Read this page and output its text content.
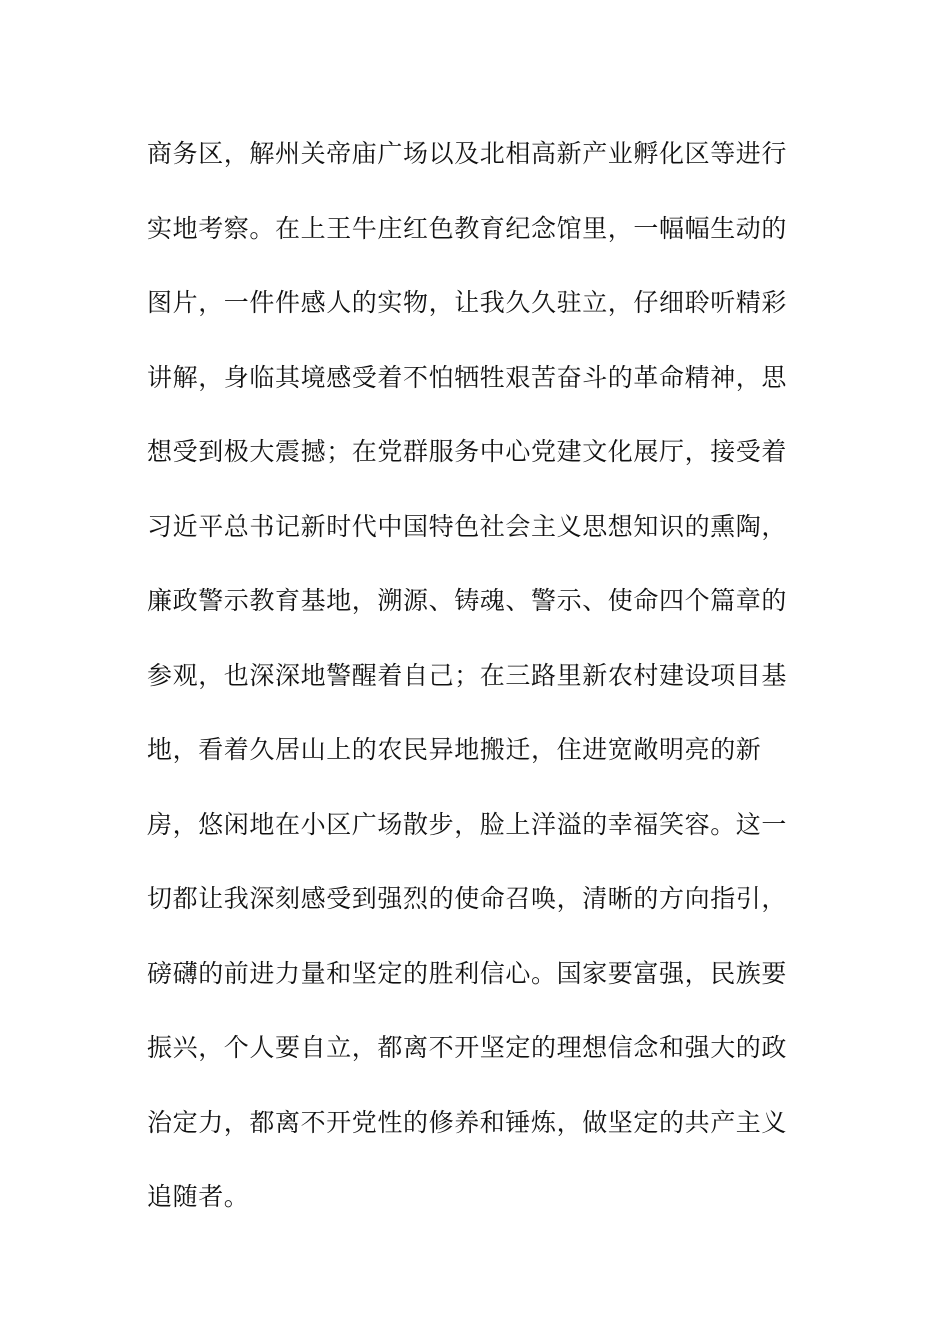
商务区，解州关帝庙广场以及北相高新产业孵化区等进行
实地考察。在上王牛庄红色教育纪念馆里，一幅幅生动的
图片，一件件感人的实物，让我久久驻立，仔细聆听精彩
讲解，身临其境感受着不怕牺牲艰苦奋斗的革命精神，思
想受到极大震撼；在党群服务中心党建文化展厅，接受着
习近平总书记新时代中国特色社会主义思想知识的熏陶，
廉政警示教育基地，溯源、铸魂、警示、使命四个篇章的
参观，也深深地警醒着自己；在三路里新农村建设项目基
地，看着久居山上的农民异地搬迁，住进宽敞明亮的新
房，悠闲地在小区广场散步，脸上洋溢的幸福笑容。这一
切都让我深刻感受到强烈的使命召唤，清晰的方向指引，
磅礴的前进力量和坚定的胜利信心。国家要富强，民族要
振兴，个人要自立，都离不开坚定的理想信念和强大的政
治定力，都离不开党性的修养和锤炼，做坚定的共产主义
追随者。
